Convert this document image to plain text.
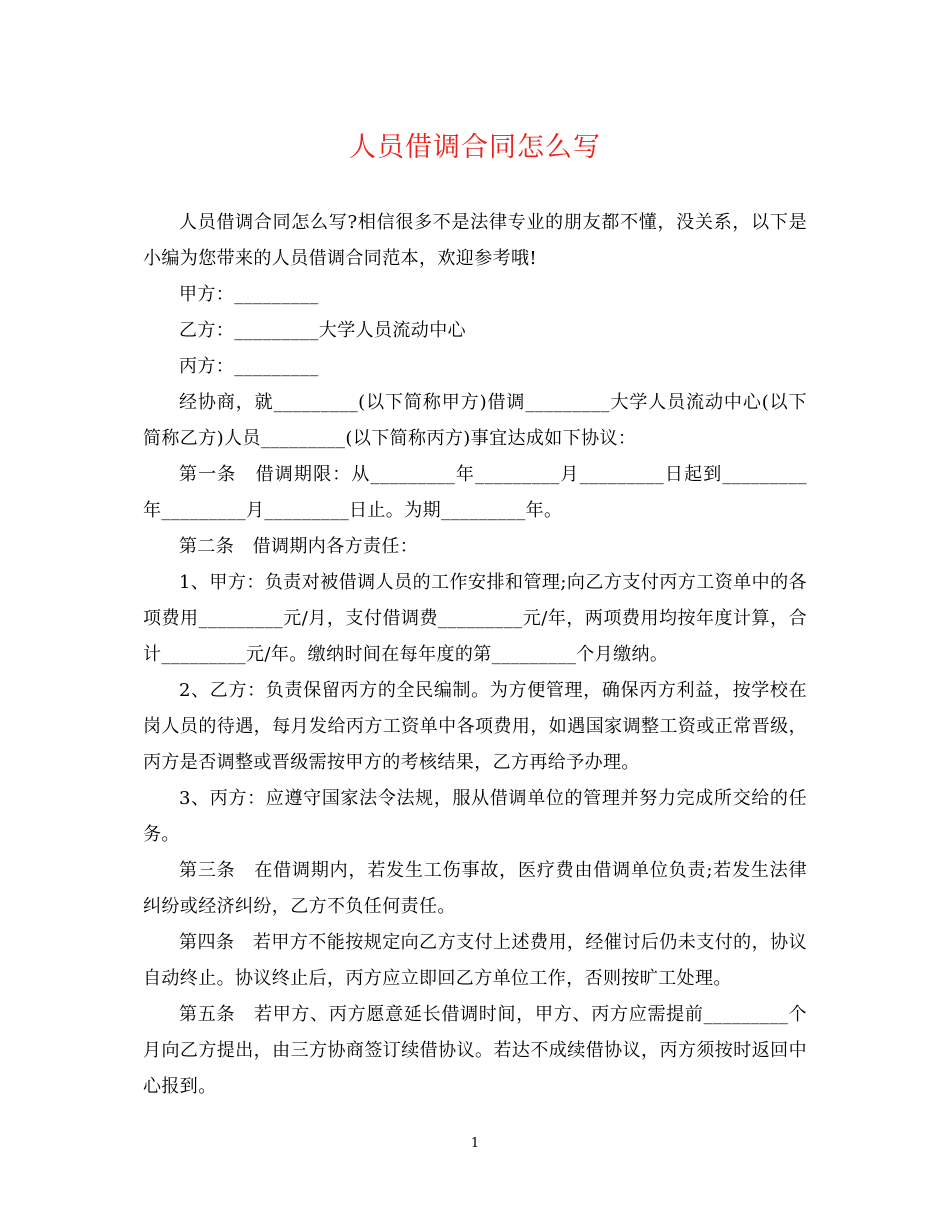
人员借调合同怎么写

人员借调合同怎么写?相信很多不是法律专业的朋友都不懂，没关系，以下是小编为您带来的人员借调合同范本，欢迎参考哦!

甲方：_________

乙方：_________大学人员流动中心

丙方：_________

经协商，就_________(以下简称甲方)借调_________大学人员流动中心(以下简称乙方)人员_________(以下简称丙方)事宜达成如下协议：

第一条　借调期限：从_________年_________月_________日起到_________年_________月_________日止。为期_________年。

第二条　借调期内各方责任：

1、甲方：负责对被借调人员的工作安排和管理;向乙方支付丙方工资单中的各项费用_________元/月，支付借调费_________元/年，两项费用均按年度计算，合计_________元/年。缴纳时间在每年度的第_________个月缴纳。

2、乙方：负责保留丙方的全民编制。为方便管理，确保丙方利益，按学校在岗人员的待遇，每月发给丙方工资单中各项费用，如遇国家调整工资或正常晋级，丙方是否调整或晋级需按甲方的考核结果，乙方再给予办理。

3、丙方：应遵守国家法令法规，服从借调单位的管理并努力完成所交给的任务。

第三条　在借调期内，若发生工伤事故，医疗费由借调单位负责;若发生法律纠纷或经济纠纷，乙方不负任何责任。

第四条　若甲方不能按规定向乙方支付上述费用，经催讨后仍未支付的，协议自动终止。协议终止后，丙方应立即回乙方单位工作，否则按旷工处理。

第五条　若甲方、丙方愿意延长借调时间，甲方、丙方应需提前_________个月向乙方提出，由三方协商签订续借协议。若达不成续借协议，丙方须按时返回中心报到。

1
